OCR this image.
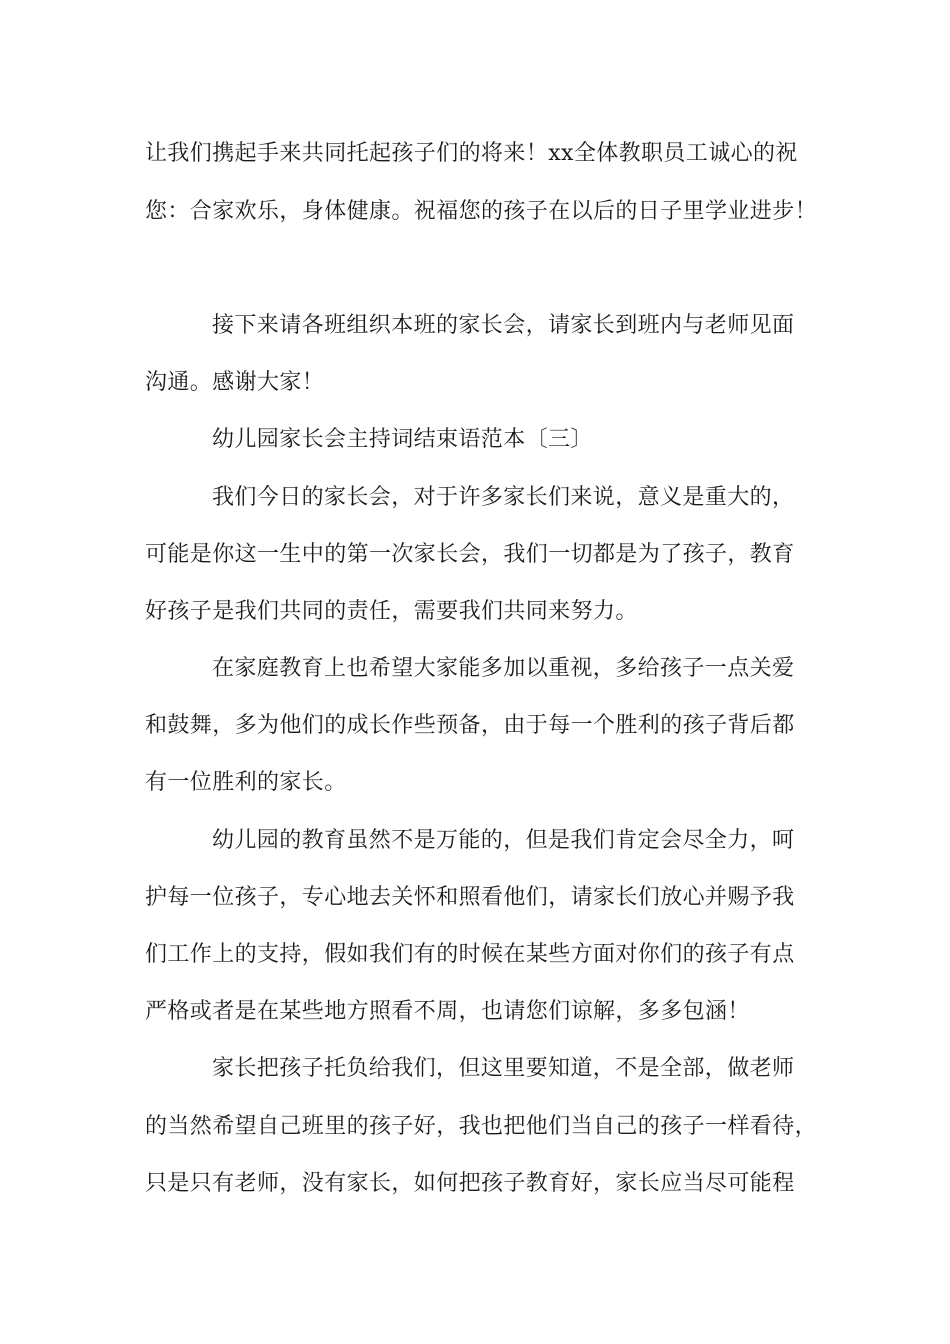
让我们携起手来共同托起孩子们的将来！xx全体教职员工诚心的祝
您：合家欢乐，身体健康。祝福您的孩子在以后的日子里学业进步！
接下来请各班组织本班的家长会，请家长到班内与老师见面
沟通。感谢大家！
幼儿园家长会主持词结束语范本〔三〕
我们今日的家长会，对于许多家长们来说，意义是重大的，
可能是你这一生中的第一次家长会，我们一切都是为了孩子，教育
好孩子是我们共同的责任，需要我们共同来努力。
在家庭教育上也希望大家能多加以重视，多给孩子一点关爱
和鼓舞，多为他们的成长作些预备，由于每一个胜利的孩子背后都
有一位胜利的家长。
幼儿园的教育虽然不是万能的，但是我们肯定会尽全力，呵
护每一位孩子，专心地去关怀和照看他们，请家长们放心并赐予我
们工作上的支持，假如我们有的时候在某些方面对你们的孩子有点
严格或者是在某些地方照看不周，也请您们谅解，多多包涵！
家长把孩子托负给我们，但这里要知道，不是全部，做老师
的当然希望自己班里的孩子好，我也把他们当自己的孩子一样看待，
只是只有老师，没有家长，如何把孩子教育好，家长应当尽可能程
